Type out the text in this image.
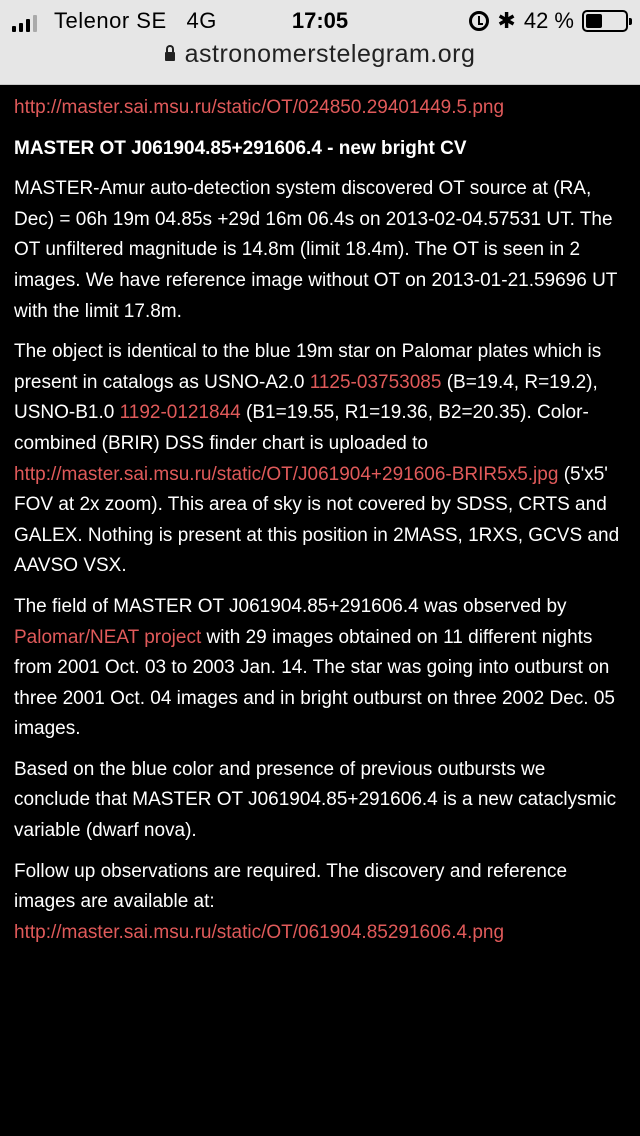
Telenor SE 4G	17:05	✱ 42 %
astronomerstelegram.org
http://master.sai.msu.ru/static/OT/024850.29401449.5.png
MASTER OT J061904.85+291606.4 - new bright CV
MASTER-Amur auto-detection system discovered OT source at (RA, Dec) = 06h 19m 04.85s +29d 16m 06.4s on 2013-02-04.57531 UT. The OT unfiltered magnitude is 14.8m (limit 18.4m). The OT is seen in 2 images. We have reference image without OT on 2013-01-21.59696 UT with the limit 17.8m.
The object is identical to the blue 19m star on Palomar plates which is present in catalogs as USNO-A2.0 1125-03753085 (B=19.4, R=19.2), USNO-B1.0 1192-0121844 (B1=19.55, R1=19.36, B2=20.35). Color-combined (BRIR) DSS finder chart is uploaded to http://master.sai.msu.ru/static/OT/J061904+291606-BRIR5x5.jpg (5'x5' FOV at 2x zoom). This area of sky is not covered by SDSS, CRTS and GALEX. Nothing is present at this position in 2MASS, 1RXS, GCVS and AAVSO VSX.
The field of MASTER OT J061904.85+291606.4 was observed by Palomar/NEAT project with 29 images obtained on 11 different nights from 2001 Oct. 03 to 2003 Jan. 14. The star was going into outburst on three 2001 Oct. 04 images and in bright outburst on three 2002 Dec. 05 images.
Based on the blue color and presence of previous outbursts we conclude that MASTER OT J061904.85+291606.4 is a new cataclysmic variable (dwarf nova).
Follow up observations are required. The discovery and reference images are available at:
http://master.sai.msu.ru/static/OT/061904.85291606.4.png
